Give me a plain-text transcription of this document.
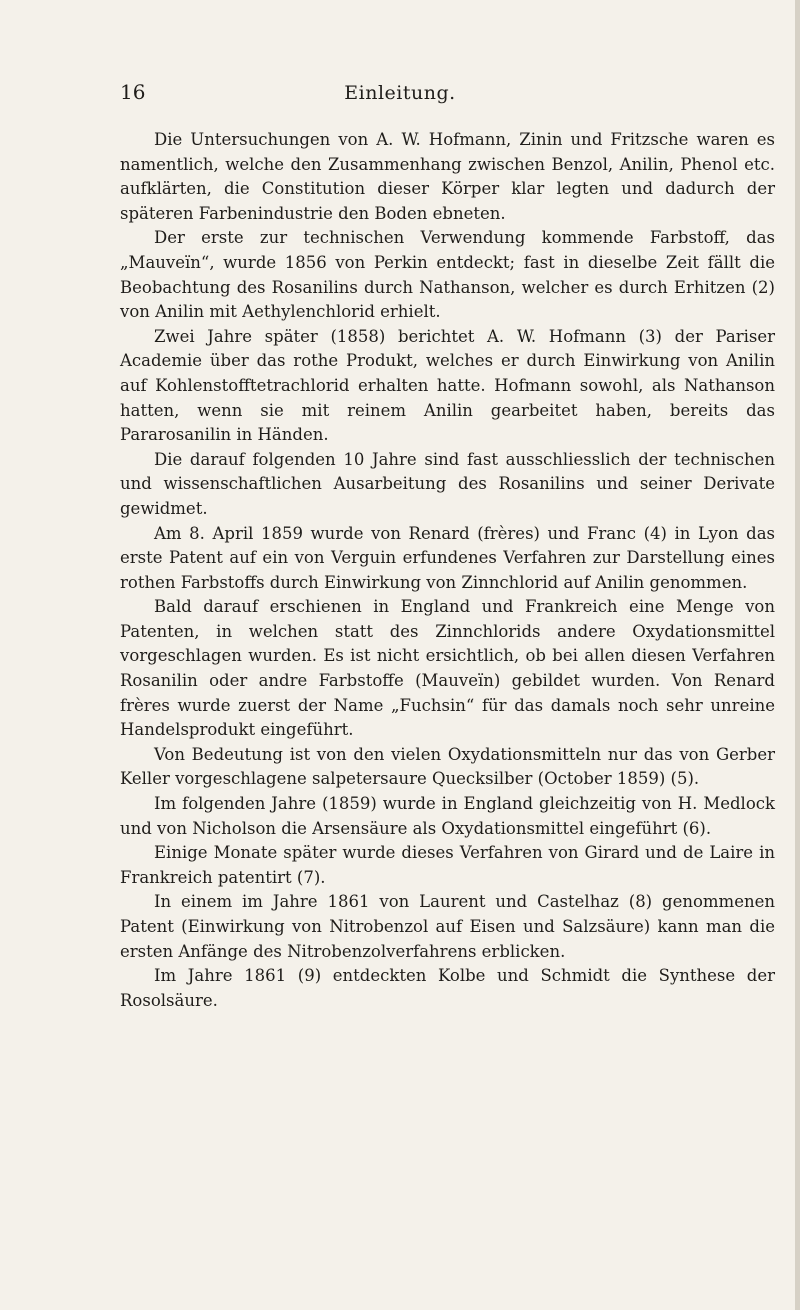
16	Einleitung.

Die Untersuchungen von A. W. Hofmann, Zinin und Fritzsche waren es namentlich, welche den Zusammenhang zwischen Benzol, Anilin, Phenol etc. aufklärten, die Constitution dieser Körper klar legten und dadurch der späteren Farbenindustrie den Boden ebneten.

Der erste zur technischen Verwendung kommende Farbstoff, das „Mauveïn“, wurde 1856 von Perkin entdeckt; fast in dieselbe Zeit fällt die Beobachtung des Rosanilins durch Nathanson, welcher es durch Erhitzen (2) von Anilin mit Aethylenchlorid erhielt.

Zwei Jahre später (1858) berichtet A. W. Hofmann (3) der Pariser Academie über das rothe Produkt, welches er durch Einwirkung von Anilin auf Kohlenstofftetrachlorid erhalten hatte. Hofmann sowohl, als Nathanson hatten, wenn sie mit reinem Anilin gearbeitet haben, bereits das Pararosanilin in Händen.

Die darauf folgenden 10 Jahre sind fast ausschliesslich der technischen und wissenschaftlichen Ausarbeitung des Rosanilins und seiner Derivate gewidmet.

Am 8. April 1859 wurde von Renard (frères) und Franc (4) in Lyon das erste Patent auf ein von Verguin erfundenes Verfahren zur Darstellung eines rothen Farbstoffs durch Einwirkung von Zinnchlorid auf Anilin genommen.

Bald darauf erschienen in England und Frankreich eine Menge von Patenten, in welchen statt des Zinnchlorids andere Oxydationsmittel vorgeschlagen wurden. Es ist nicht ersichtlich, ob bei allen diesen Verfahren Rosanilin oder andre Farbstoffe (Mauveïn) gebildet wurden. Von Renard frères wurde zuerst der Name „Fuchsin“ für das damals noch sehr unreine Handelsprodukt eingeführt.

Von Bedeutung ist von den vielen Oxydationsmitteln nur das von Gerber Keller vorgeschlagene salpetersaure Quecksilber (October 1859) (5).

Im folgenden Jahre (1859) wurde in England gleichzeitig von H. Medlock und von Nicholson die Arsensäure als Oxydationsmittel eingeführt (6).

Einige Monate später wurde dieses Verfahren von Girard und de Laire in Frankreich patentirt (7).

In einem im Jahre 1861 von Laurent und Castelhaz (8) genommenen Patent (Einwirkung von Nitrobenzol auf Eisen und Salzsäure) kann man die ersten Anfänge des Nitrobenzolverfahrens erblicken.

Im Jahre 1861 (9) entdeckten Kolbe und Schmidt die Synthese der Rosolsäure.
